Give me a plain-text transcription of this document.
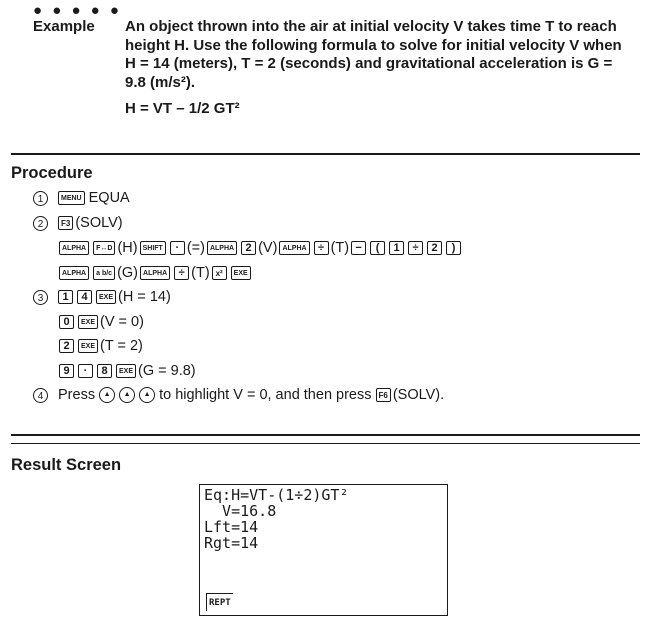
● ● ● ● ●
Example An object thrown into the air at initial velocity V takes time T to reach
height H. Use the following formula to solve for initial velocity V when
H = 14 (meters), T = 2 (seconds) and gravitational acceleration is G =
9.8 (m/s²).
H = VT – 1/2 GT²
Procedure
1	MENU EQUA
2	F3 (SOLV)
ALPHA	F↔D (H) SHIFT	· (=) ALPHA	2 (V) ALPHA	÷ (T) −	(	1	÷	2	)
ALPHA	a b/c (G) ALPHA	÷ (T) x²	EXE
3	1	4	EXE (H = 14)
0	EXE (V = 0)
2	EXE (T = 2)
9	·	8	EXE (G = 9.8)
4	Press	▲	▲	▲ to highlight V = 0, and then press F6 (SOLV).
Result Screen
Eq:H=VT-(1÷2)GT²
V=16.8
Lft=14
Rgt=14
REPT
